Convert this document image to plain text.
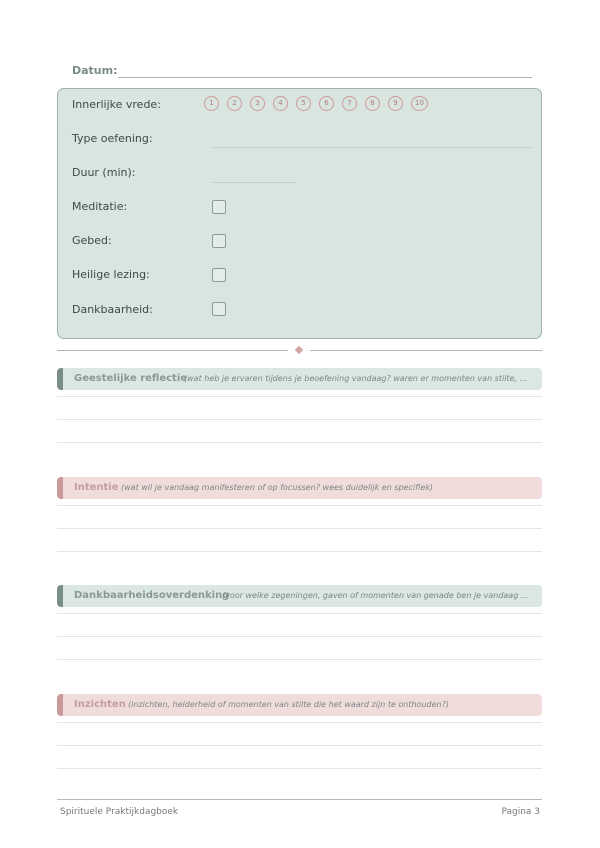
Datum:
Innerlijke vrede:	1	2	3	4	5	6	7	8	9	10
Type oefening:
Duur (min):
Meditatie:
Gebed:
Heilige lezing:
Dankbaarheid:
Geestelijke reflectie
(wat heb je ervaren tijdens je beoefening vandaag? waren er momenten van stilte, ...
Intentie (wat wil je vandaag manifesteren of op focussen? wees duidelijk en specifiek)
Dankbaarheidsoverdenking
(voor welke zegeningen, gaven of momenten van genade ben je vandaag ...
Inzichten (inzichten, helderheid of momenten van stilte die het waard zijn te onthouden?)
Spirituele Praktijkdagboek	Pagina 3
